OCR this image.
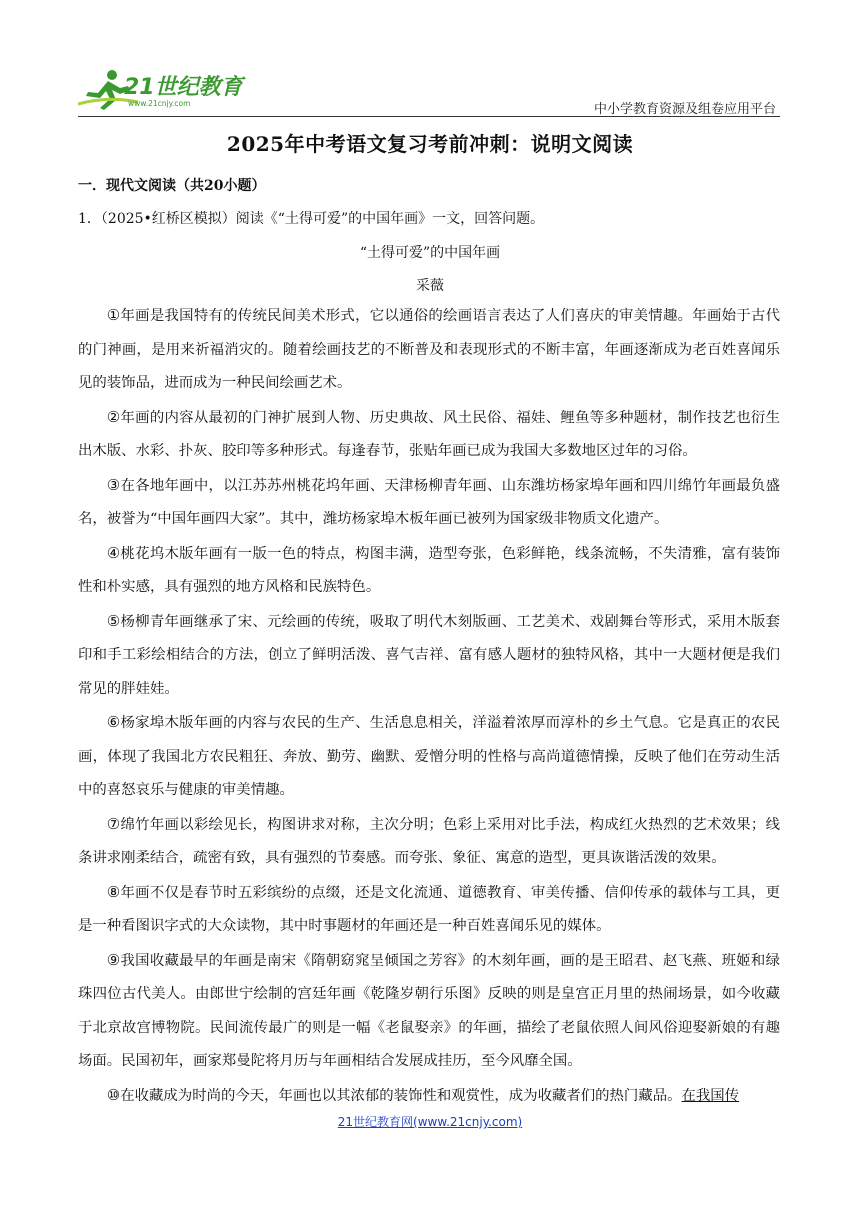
21世纪教育
www.21cnjy.com	中小学教育资源及组卷应用平台
2025年中考语文复习考前冲刺：说明文阅读
一．现代文阅读（共20小题）
1．（2025•红桥区模拟）阅读《“土得可爱”的中国年画》一文，回答问题。
“土得可爱”的中国年画
采薇

①年画是我国特有的传统民间美术形式，它以通俗的绘画语言表达了人们喜庆的审美情趣。年画始于古代的门神画，是用来祈福消灾的。随着绘画技艺的不断普及和表现形式的不断丰富，年画逐渐成为老百姓喜闻乐见的装饰品，进而成为一种民间绘画艺术。

②年画的内容从最初的门神扩展到人物、历史典故、风土民俗、福娃、鲤鱼等多种题材，制作技艺也衍生出木版、水彩、扑灰、胶印等多种形式。每逢春节，张贴年画已成为我国大多数地区过年的习俗。

③在各地年画中，以江苏苏州桃花坞年画、天津杨柳青年画、山东潍坊杨家埠年画和四川绵竹年画最负盛名，被誉为“中国年画四大家”。其中，潍坊杨家埠木板年画已被列为国家级非物质文化遗产。

④桃花坞木版年画有一版一色的特点，构图丰满，造型夸张，色彩鲜艳，线条流畅，不失清雅，富有装饰性和朴实感，具有强烈的地方风格和民族特色。

⑤杨柳青年画继承了宋、元绘画的传统，吸取了明代木刻版画、工艺美术、戏剧舞台等形式，采用木版套印和手工彩绘相结合的方法，创立了鲜明活泼、喜气吉祥、富有感人题材的独特风格，其中一大题材便是我们常见的胖娃娃。

⑥杨家埠木版年画的内容与农民的生产、生活息息相关，洋溢着浓厚而淳朴的乡土气息。它是真正的农民画，体现了我国北方农民粗狂、奔放、勤劳、幽默、爱憎分明的性格与高尚道德情操，反映了他们在劳动生活中的喜怒哀乐与健康的审美情趣。

⑦绵竹年画以彩绘见长，构图讲求对称，主次分明；色彩上采用对比手法，构成红火热烈的艺术效果；线条讲求刚柔结合，疏密有致，具有强烈的节奏感。而夸张、象征、寓意的造型，更具诙谐活泼的效果。

⑧年画不仅是春节时五彩缤纷的点缀，还是文化流通、道德教育、审美传播、信仰传承的载体与工具，更是一种看图识字式的大众读物，其中时事题材的年画还是一种百姓喜闻乐见的媒体。

⑨我国收藏最早的年画是南宋《隋朝窈窕呈倾国之芳容》的木刻年画，画的是王昭君、赵飞燕、班姬和绿珠四位古代美人。由郎世宁绘制的宫廷年画《乾隆岁朝行乐图》反映的则是皇宫正月里的热闹场景，如今收藏于北京故宫博物院。民间流传最广的则是一幅《老鼠娶亲》的年画，描绘了老鼠依照人间风俗迎娶新娘的有趣场面。民国初年，画家郑曼陀将月历与年画相结合发展成挂历，至今风靡全国。

⑩在收藏成为时尚的今天，年画也以其浓郁的装饰性和观赏性，成为收藏者们的热门藏品。在我国传

21世纪教育网(www.21cnjy.com)
